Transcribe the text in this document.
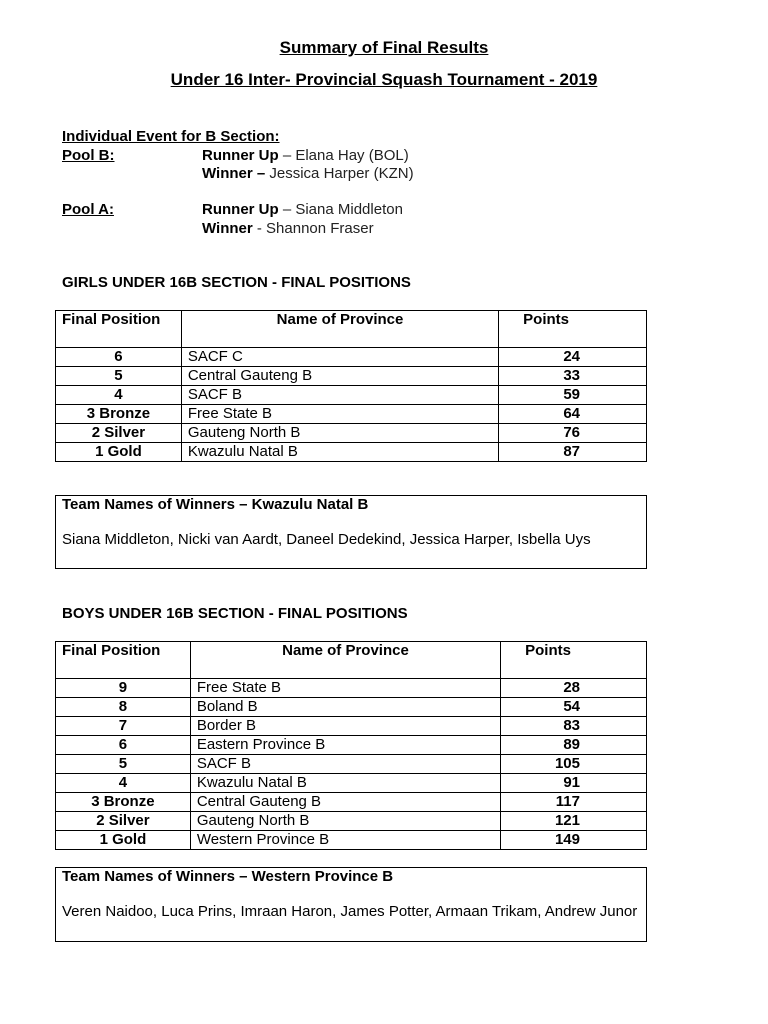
Summary of Final Results
Under 16 Inter- Provincial Squash Tournament - 2019
Individual Event for B Section:
Pool B:	Runner Up – Elana Hay (BOL)
Winner – Jessica Harper (KZN)
Pool A:	Runner Up – Siana Middleton
Winner - Shannon Fraser
GIRLS UNDER 16B SECTION - FINAL POSITIONS
Final Position	Name of Province	Points
6	SACF C	24
5	Central Gauteng B	33
4	SACF B	59
3 Bronze	Free State B	64
2 Silver	Gauteng North B	76
1 Gold	Kwazulu Natal B	87
Team Names of Winners – Kwazulu Natal B
Siana Middleton, Nicki van Aardt, Daneel Dedekind, Jessica Harper, Isbella Uys
BOYS UNDER 16B SECTION - FINAL POSITIONS
Final Position	Name of Province	Points
9	Free State B	28
8	Boland B	54
7	Border B	83
6	Eastern Province B	89
5	SACF B	105
4	Kwazulu Natal B	91
3 Bronze	Central Gauteng B	117
2 Silver	Gauteng North B	121
1 Gold	Western Province B	149
Team Names of Winners – Western Province B
Veren Naidoo, Luca Prins, Imraan Haron, James Potter, Armaan Trikam, Andrew Junor
